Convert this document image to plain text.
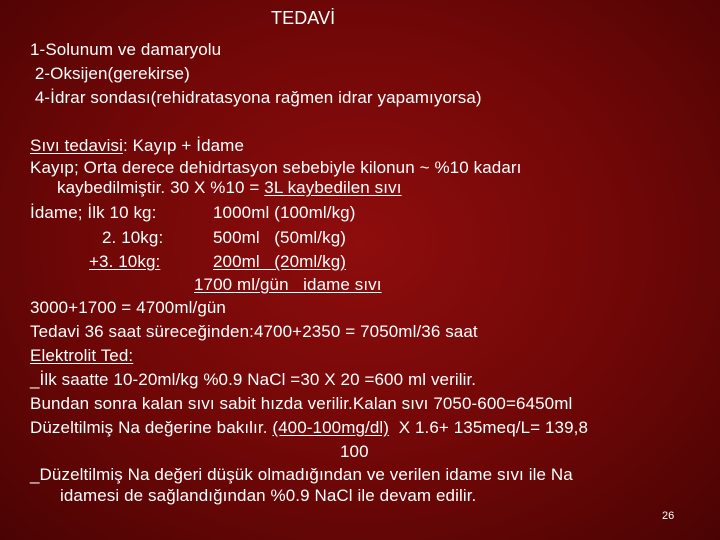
TEDAVİ
1-Solunum ve damaryolu
2-Oksijen(gerekirse)
4-İdrar sondası(rehidratasyona rağmen idrar yapamıyorsa)
Sıvı tedavisi: Kayıp + İdame
Kayıp; Orta derece dehidrtasyon sebebiyle kilonun ~ %10 kadarı
kaybedilmiştir. 30 X %10 = 3L kaybedilen sıvı
İdame; İlk 10 kg:	1000ml (100ml/kg)
2. 10kg:	500ml   (50ml/kg)
+3. 10kg:	200ml   (20ml/kg)
1700 ml/gün   idame sıvı
3000+1700 = 4700ml/gün
Tedavi 36 saat süreceğinden:4700+2350 = 7050ml/36 saat
Elektrolit Ted:
_İlk saatte 10-20ml/kg %0.9 NaCl =30 X 20 =600 ml verilir.
Bundan sonra kalan sıvı sabit hızda verilir.Kalan sıvı 7050-600=6450ml
Düzeltilmiş Na değerine bakılır. (400-100mg/dl)  X 1.6+ 135meq/L= 139,8
100
_Düzeltilmiş Na değeri düşük olmadığından ve verilen idame sıvı ile Na
idamesi de sağlandığından %0.9 NaCl ile devam edilir.
26
